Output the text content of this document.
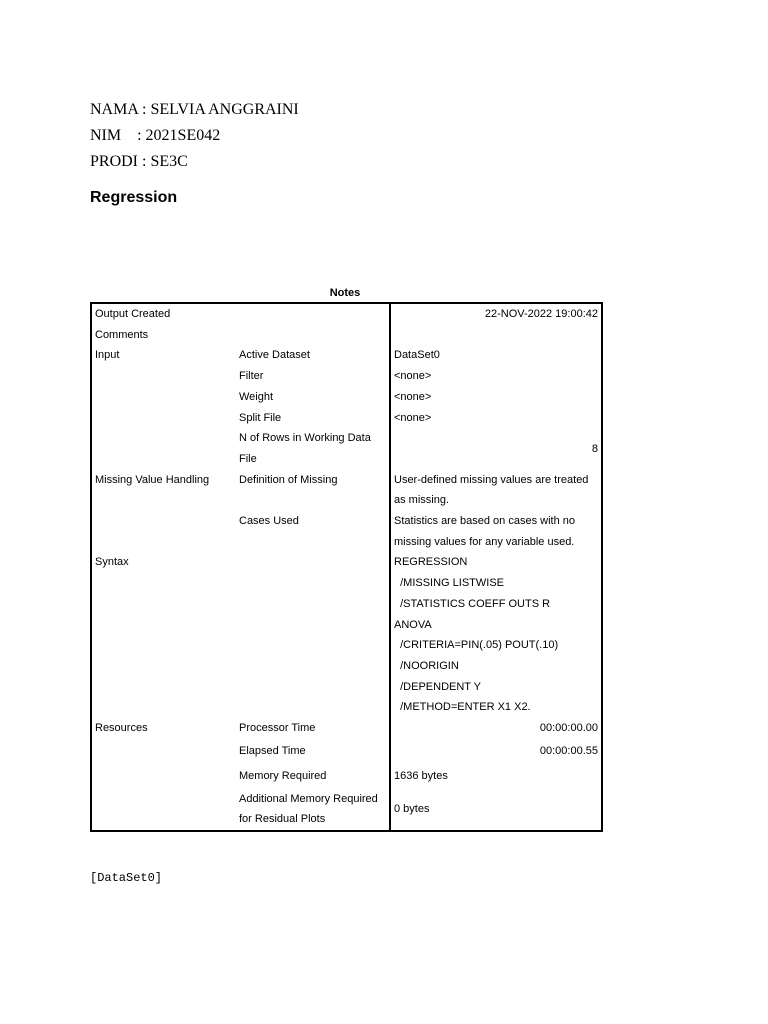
NAMA : SELVIA ANGGRAINI
NIM    : 2021SE042
PRODI : SE3C
Regression
Notes
Output Created		22-NOV-2022 19:00:42
Comments		
Input	Active Dataset	DataSet0
	Filter	<none>
	Weight	<none>
	Split File	<none>
	N of Rows in Working Data	8
	File	
Missing Value Handling	Definition of Missing	User-defined missing values are treated
		as missing.
	Cases Used	Statistics are based on cases with no
		missing values for any variable used.
Syntax		REGRESSION
		/MISSING LISTWISE
		/STATISTICS COEFF OUTS R
		ANOVA
		/CRITERIA=PIN(.05) POUT(.10)
		/NOORIGIN
		/DEPENDENT Y
		/METHOD=ENTER X1 X2.
Resources	Processor Time	00:00:00.00
	Elapsed Time	00:00:00.55
	Memory Required	1636 bytes
	Additional Memory Required	0 bytes
	for Residual Plots	
[DataSet0]
